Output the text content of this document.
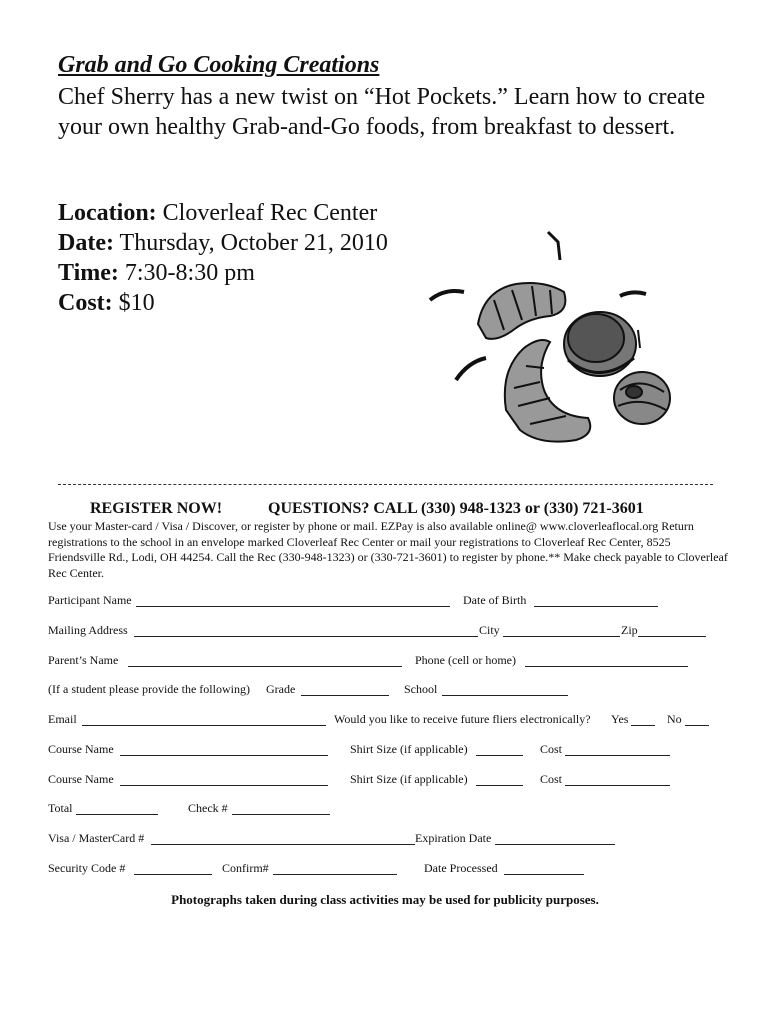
Grab and Go Cooking Creations
Chef Sherry has a new twist on “Hot Pockets.” Learn how to create your own healthy Grab-and-Go foods, from breakfast to dessert.
Location: Cloverleaf Rec Center
Date: Thursday, October 21, 2010
Time: 7:30-8:30 pm
Cost: $10
REGISTER NOW!	QUESTIONS? CALL (330) 948-1323 or (330) 721-3601
Use your Master-card / Visa / Discover, or register by phone or mail. EZPay is also available online@ www.cloverleaflocal.org Return registrations to the school in an envelope marked Cloverleaf Rec Center or mail your registrations to Cloverleaf Rec Center, 8525 Friendsville Rd., Lodi, OH 44254. Call the Rec (330-948-1323) or (330-721-3601) to register by phone.** Make check payable to Cloverleaf Rec Center.
Participant Name	Date of Birth
Mailing Address	City	Zip
Parent’s Name	Phone (cell or home)
(If a student please provide the following) Grade	School
Email	Would you like to receive future fliers electronically? Yes	No
Course Name	Shirt Size (if applicable)	Cost
Course Name	Shirt Size (if applicable)	Cost
Total	Check #
Visa / MasterCard #	Expiration Date
Security Code #	Confirm#	Date Processed
Photographs taken during class activities may be used for publicity purposes.
